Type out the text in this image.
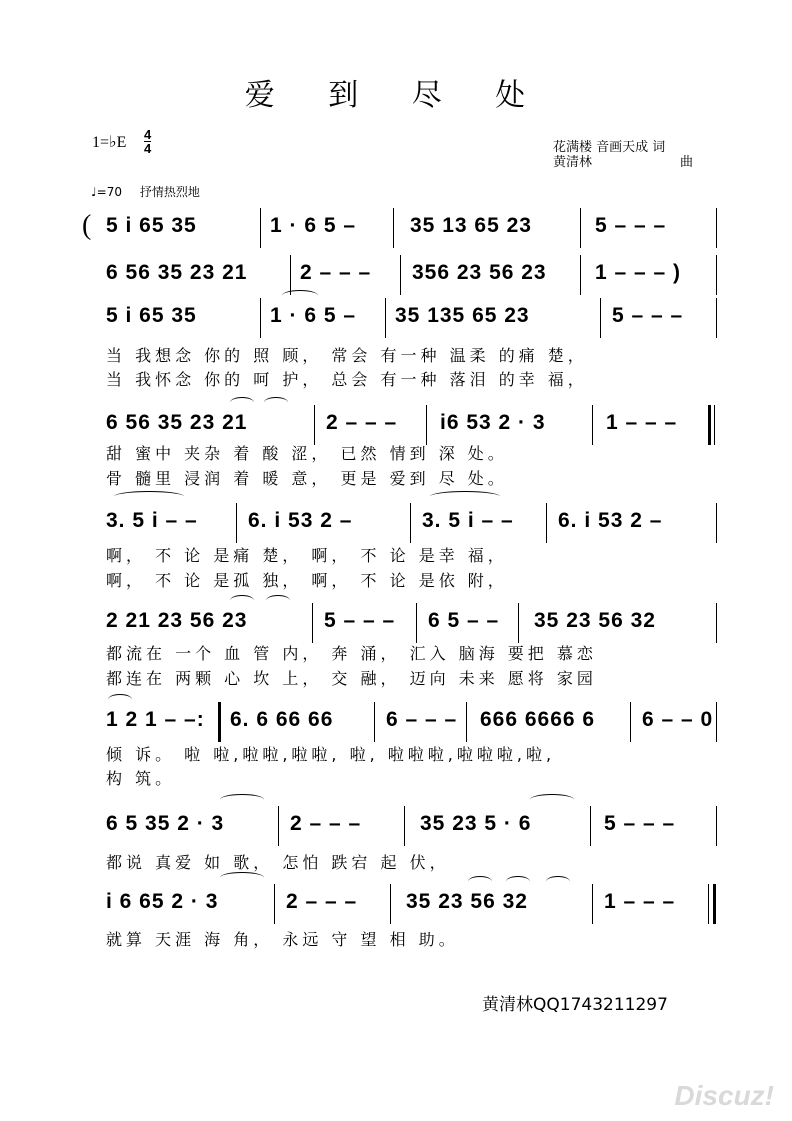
爱 到 尽 处
1=♭E 4
4	花满楼 音画天成 词
黄清林	曲
♩=70 抒情热烈地
( 5 i 65 35	1 · 6 5 –	35 13 65 23	5 – – –
6 56 35 23 21	2 – – – 356 23 56 23 1 – – – )
5 i 65 35	1 · 6 5 – 35 135 65 23	5 – – –
当 我想念 你的 照 顾， 常会 有一种 温柔 的痛 楚，
当 我怀念 你的 呵 护， 总会 有一种 落泪 的幸 福，
6 56 35 23 21	2 – – – i6 53 2 · 3	1 – – –
甜 蜜中 夹杂 着 酸 涩， 已然 情到 深 处。
骨 髓里 浸润 着 暖 意， 更是 爱到 尽 处。
3. 5 i – – 6. i 53 2 –	3. 5 i – – 6. i 53 2 –
啊， 不 论 是痛 楚， 啊， 不 论 是幸 福，
啊， 不 论 是孤 独， 啊， 不 论 是依 附，
2 21 23 56 23	5 – – – 6 5 – – 35 23 56 32
都流在 一个 血 管 内， 奔 涌， 汇入 脑海 要把 慕恋
都连在 两颗 心 坎 上， 交 融， 迈向 未来 愿将 家园
1 2 1 – –: 6. 6 66 66	6 – – – 666 6666 6 6 – – 0
倾 诉。 啦 啦,啦啦,啦啦, 啦, 啦啦啦,啦啦啦,啦,
构 筑。
6 5 35 2 · 3	2 – – –	35 23 5 · 6	5 – – –
都说 真爱 如 歌， 怎怕 跌宕 起 伏，
i 6 65 2 · 3	2 – – – 35 23 56 32	1 – – –
就算 天涯 海 角， 永远 守 望 相 助。
黄清林QQ1743211297
Discuz!
